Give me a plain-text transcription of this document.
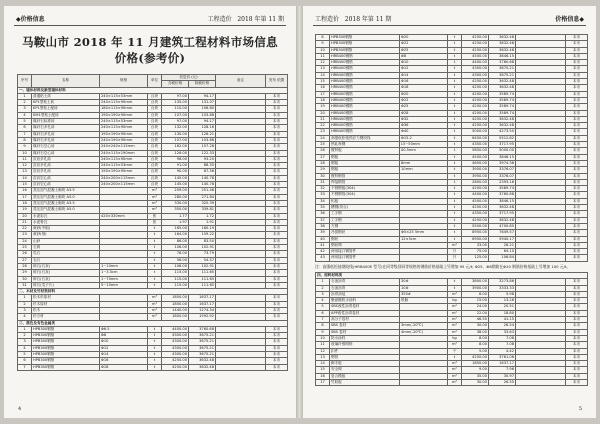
◆价格信息	工程造价 2018 年第 11 期
马鞍山市 2018 年 11 月建筑工程材料市场信息
价格(参考价)
序号	名称	规格	单位	信息价 (元)		备注	发布 依据
				含税价格	除税价格		
一、墙体材料及新型墙体材料							
1	普通粘土砖	240×115×53mm	百块	97.00	94.17		本市
2	KP1型粘土砖	240×115×90mm	百块	135.00	131.07		本市
3	KP1型粘土配砖	180×115×90mm	百块	110.00	106.80		本市
4	KM1型粘土配砖	190×190×90mm	百块	107.00	103.88		本市
5	煤矸石标准砖	240×115×53mm	百块	97.00	94.17		本市
6	煤矸石多孔砖	240×115×90mm	百块	132.00	128.16		本市
7	煤矸石多孔砖	190×190×90mm	百块	130.00	126.21		本市
8	煤矸石多孔砖	240×190×90mm	百块	107.00	103.88		本市
9	煤矸石空心砖	240×240×115mm	百块	162.00	157.28		本市
10	煤矸石空心砖	240×115×190mm	百块	126.00	122.33		本市
11	页岩多孔砖	240×115×90mm	百块	96.00	93.20		本市
12	页岩多孔砖	240×115×53mm	百块	91.00	88.35		本市
13	页岩多孔砖	190×190×90mm	百块	90.00	87.38		本市
14	页岩空心砖	240×200×115mm	百块	145.00	140.78		本市
15	页岩空心砖	240×200×115mm	百块	145.00	140.78		本市
16	蒸压加气混凝土砌块 A3.5		m³	259.00	251.46		本市
17	蒸压加气混凝土砌块 A5.0		m³	280.00	271.84		本市
18	蒸压加气混凝土砌块 A3.5		m³	330.00	320.39		本市
19	蒸压加气混凝土砌块 A5.0		m³	350.00	339.81		本市
20	水泥彩瓦	420×330mm	张	1.77	1.72		本市
21	水泥脊瓦		张	1.97	1.91		本市
22	黄砂(中粗)		t	165.00	160.19		本市
23	黄砂(细)		t	164.00	159.22		本市
24	山砂		t	86.00	83.50		本市
25	石屑		t	106.00	102.91		本市
26	瓜石		t	76.00	73.79		本市
27	毛石		t	56.00	54.37		本市
28	碎石(石灰)	1~10mm	t	106.00	102.91		本市
29	碎石(石灰)	1~3.5cm	t	115.00	111.65		本市
30	碎石(石灰)	1~70mm	t	115.00	111.65		本市
31	碎石(瓜子片)	5~10mm	t	115.00	111.65		本市
二、木材及竹材类材料							
1	松木杉原材		m³	1850.00	1637.17		本市
2	杉木原材		m³	1850.00	1637.17		本市
3	松木		m³	1440.00	1274.34		本市
4	杉方材		m³	1800.00	1592.92		本市
三、黑色及有色金属类							
1	HPB300钢筋	Φ6.5	t	4400.00	3760.68		本市
2	HPB300钢筋	Φ8	t	4300.00	3675.21		本市
3	HPB300钢筋	Φ10	t	4300.00	3675.21		本市
4	HPB300钢筋	Φ12	t	4300.00	3675.21		本市
5	HPB300钢筋	Φ14	t	4300.00	3675.21		本市
6	HPB300钢筋	Φ16	t	4250.00	3632.48		本市
7	HPB300钢筋	Φ18	t	4250.00	3632.48		本市
4
工程造价 2018 年第 11 期	价格信息◆
8	HPB300钢筋	Φ20	t	4250.00	3632.48		本市
9	HPB300钢筋	Φ22	t	4250.00	3632.48		本市
10	HPB300钢筋	Φ25	t	4250.00	3632.48		本市
11	HRB400钢筋	Φ8	t	4500.00	3846.15		本市
12	HRB400钢筋	Φ10	t	4400.00	3760.68		本市
13	HRB400钢筋	Φ12	t	4300.00	3675.21		本市
14	HRB400钢筋	Φ14	t	4300.00	3675.21		本市
15	HRB400钢筋	Φ16	t	4250.00	3632.48		本市
16	HRB400钢筋	Φ18	t	4250.00	3632.48		本市
17	HRB400钢筋	Φ20	t	4200.00	3589.74		本市
18	HRB400钢筋	Φ22	t	4200.00	3589.74		本市
19	HRB400钢筋	Φ25	t	4200.00	3589.74		本市
20	HRB400钢筋	Φ28	t	4200.00	3589.74		本市
21	HRB400钢筋	Φ32	t	4250.00	3632.48		本市
22	HRB400钢筋	Φ36	t	4250.00	3632.48		本市
23	HRB400钢筋	Φ40	t	5000.00	4273.50		本市
24	高强低松弛预应力钢绞线	Φ15.2	t	6450.00	5512.82		本市
25	热轧角钢	L5~50mm	t	4350.00	3717.95		本市
26	镀锌板	δ0.5mm	t	5850.00	5000.00		本市
27	钢板		t	4500.00	3846.15		本市
28	钢板	8mm	t	4650.00	3974.36		本市
29	钢板	10mm	t	3950.00	3376.07		本市
30	镀锌钢管		t	3950.00	3376.07		本市
31	焊接钢管		t	2800.00	2393.16		本市
32	不锈钢板(304)		t	4200.00	3589.74		本市
33	不锈钢管(304)		t	4400.00	3760.68		本市
34	铝板		t	4500.00	3846.15		本市
35	槽钢(综合)		t	4250.00	3632.48		本市
36	工字钢		t	4350.00	3717.95		本市
37	工字钢		t	4250.00	3632.48		本市
38	方钢		t	5500.00	4700.85		本市
39	冷拔钢丝	Φ5×25 5mm	t	8950.00	7649.57		本市
40	钢丝	12×5cm	t	6950.00	5940.17		本市
41	钢丝网		m²	33.00	28.21		本市
42	两用接口钢管件		只	75.00	64.10		本市
43	两用接口钢管件		只	125.00	106.84		本市
注：高强低松弛钢绞线(HRB400E 型号)在同等级别同等规格的钢筋价格基础上另增加 95 元/t; Φ25、Φ8钢筋在Φ20 钢筋价格基础上另增加 100 元/t。
四、周转材料类							
1	石油沥青	30#	t	3800.00	3273.86		本市
2	石油沥青	10#	t	3900.00	3333.33		本市
3	沥青油毡	350#	m²	6.00	5.98		本市
4	聚氨酯防水涂料	纸胎	kg	15.00	13.26		本市
5	SBS改性沥青卷材		m²	24.00	20.51		本市
6	APP改性沥青卷材		m²	22.00	18.80		本市
7	高分子卷材		m²	46.50	41.15		本市
8	SBS 卷材	3mm(-20℃)	m²	30.00	26.54		本市
9	SBS 卷材	4mm(-20℃)	m²	38.00	33.63		本市
10	防水涂料		kg	8.00	7.08		本市
11	玻璃纤维网格		m²	8.00	7.08		本市
12	扣件		个	5.00	4.42		本市
13	钢管		t	4250.00	3761.06		本市
14	脚手板		m³	1850.00	1637.17		本市
15	安全网		m²	9.00	7.96		本市
16	复合模板		m²	35.00	30.97		本市
17	竹胶板		m²	30.00	26.55		本市
5
